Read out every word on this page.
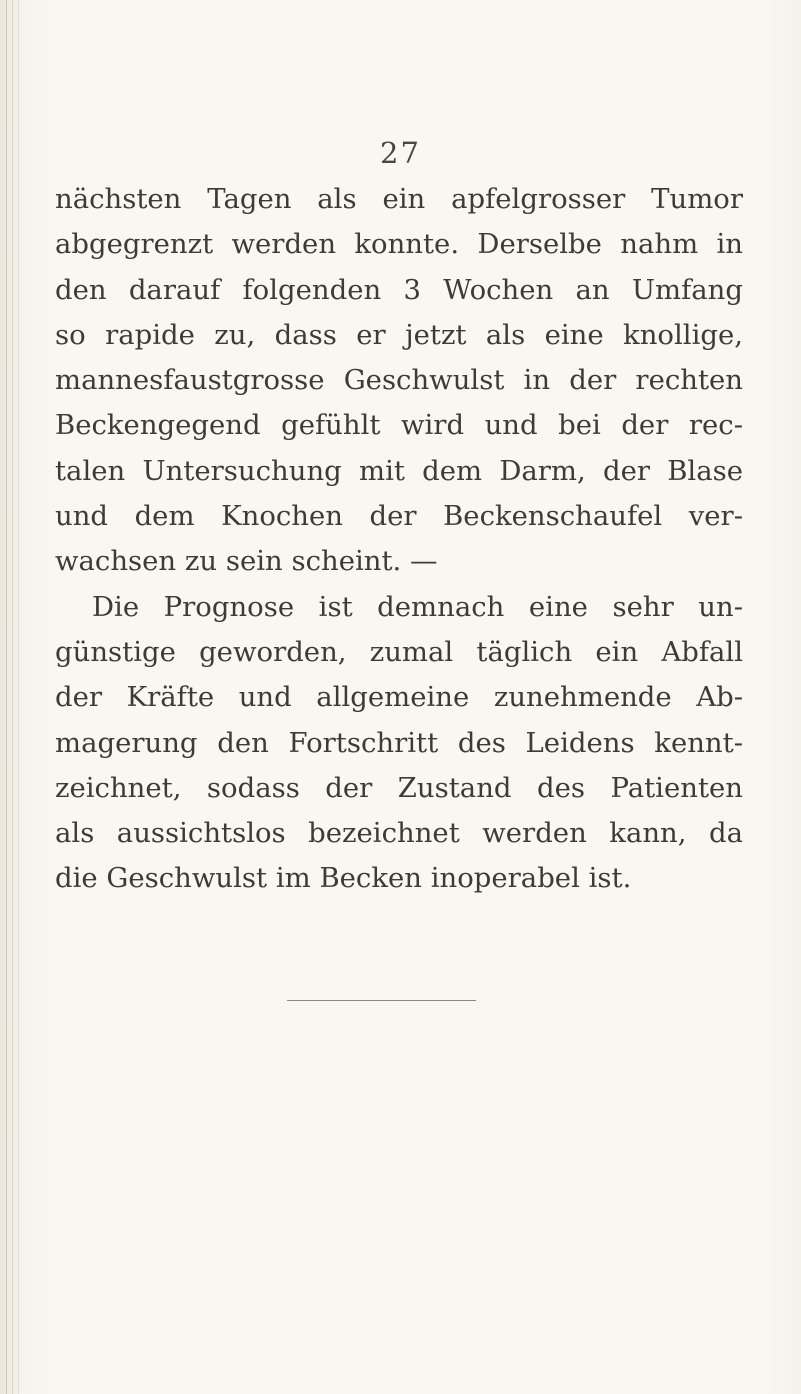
27
nächsten Tagen als ein apfelgrosser Tumor
abgegrenzt werden konnte. Derselbe nahm in
den darauf folgenden 3 Wochen an Umfang
so rapide zu, dass er jetzt als eine knollige,
mannesfaustgrosse Geschwulst in der rechten
Beckengegend gefühlt wird und bei der rec-
talen Untersuchung mit dem Darm, der Blase
und dem Knochen der Beckenschaufel ver-
wachsen zu sein scheint. —
Die Prognose ist demnach eine sehr un-
günstige geworden, zumal täglich ein Abfall
der Kräfte und allgemeine zunehmende Ab-
magerung den Fortschritt des Leidens kennt-
zeichnet, sodass der Zustand des Patienten
als aussichtslos bezeichnet werden kann, da
die Geschwulst im Becken inoperabel ist.
